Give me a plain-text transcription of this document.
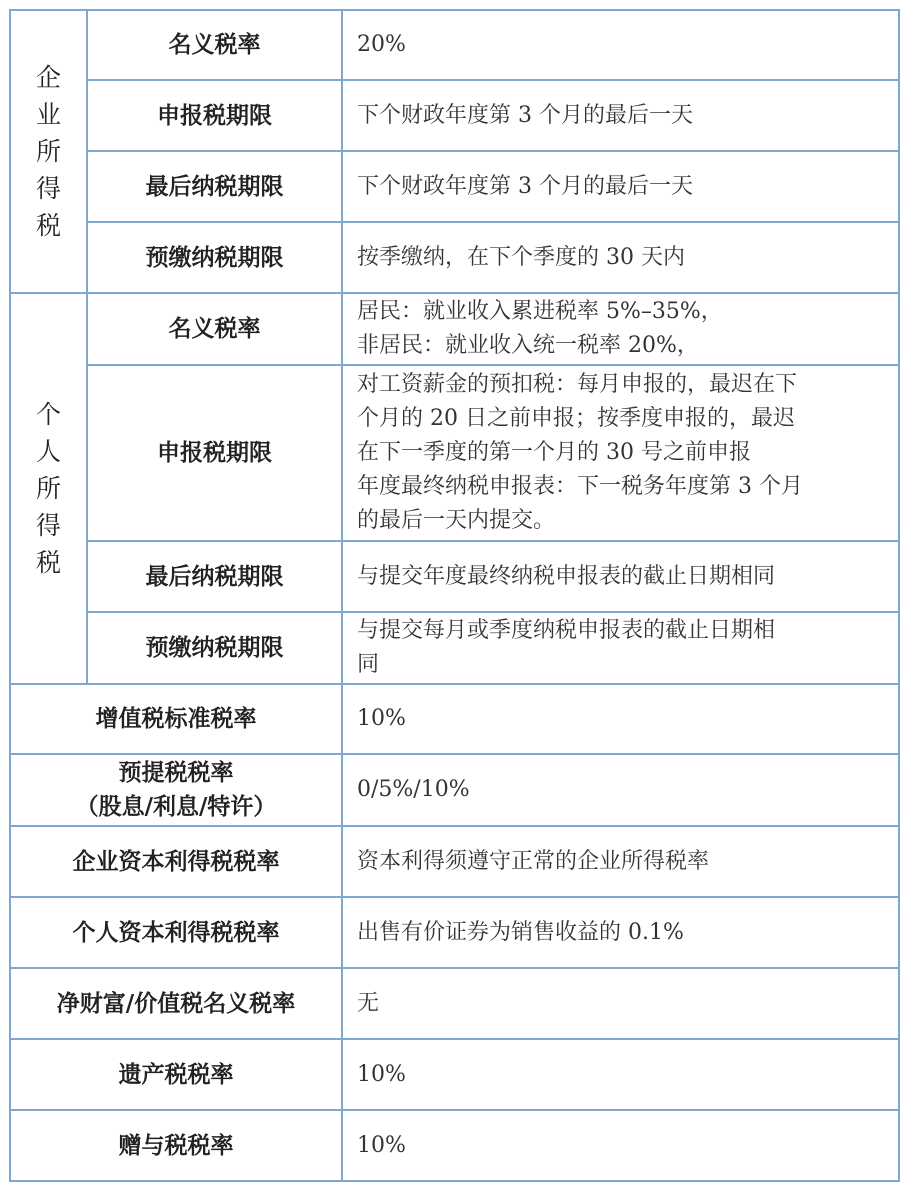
企业所得税	名义税率	20%
	申报税期限	下个财政年度第 3 个月的最后一天
	最后纳税期限	下个财政年度第 3 个月的最后一天
	预缴纳税期限	按季缴纳，在下个季度的 30 天内

个人所得税	名义税率	居民：就业收入累进税率 5%–35%，
非居民：就业收入统一税率 20%，

	申报税期限	对工资薪金的预扣税：每月申报的，最迟在下
个月的 20 日之前申报；按季度申报的，最迟
在下一季度的第一个月的 30 号之前申报
年度最终纳税申报表：下一税务年度第 3 个月
的最后一天内提交。

	最后纳税期限	与提交年度最终纳税申报表的截止日期相同
	预缴纳税期限	与提交每月或季度纳税申报表的截止日期相
同

增值税标准税率		10%

预提税税率
（股息/利息/特许）		0/5%/10%
企业资本利得税税率		资本利得须遵守正常的企业所得税率
个人资本利得税税率		出售有价证券为销售收益的 0.1%
净财富/价值税名义税率		无
遗产税税率		10%
赠与税税率		10%
